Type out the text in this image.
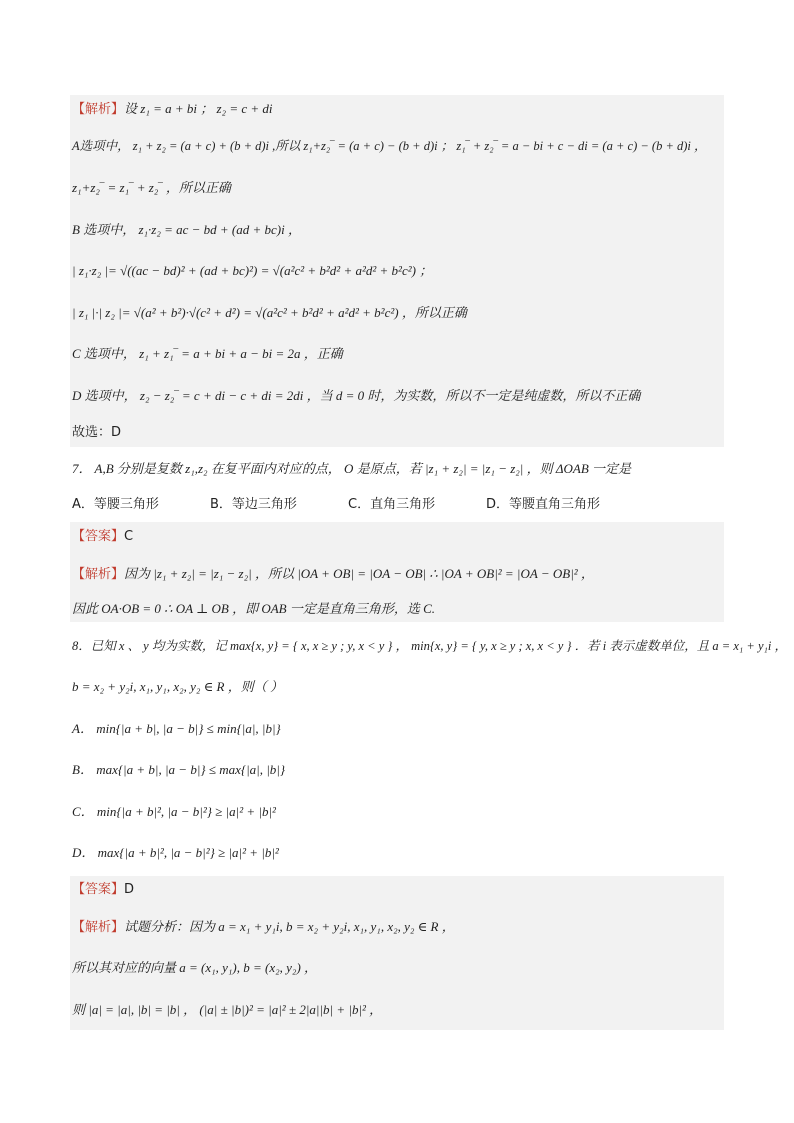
【解析】设 z₁ = a + bi ； z₂ = c + di
A选项中， z₁ + z₂ = (a + c) + (b + d)i ,所以 z₁+z₂‾ = (a + c) − (b + d)i ； z₁‾ + z₂‾ = a − bi + c − di = (a + c) − (b + d)i ，
z₁+z₂‾ = z₁‾ + z₂‾ ，所以正确
B 选项中， z₁·z₂ = ac − bd + (ad + bc)i ，
| z₁·z₂ |= √((ac − bd)² + (ad + bc)²) = √(a²c² + b²d² + a²d² + b²c²) ；
| z₁ |·| z₂ |= √(a² + b²)·√(c² + d²) = √(a²c² + b²d² + a²d² + b²c²) ，所以正确
C 选项中， z₁ + z₁‾ = a + bi + a − bi = 2a ，正确
D 选项中， z₂ − z₂‾ = c + di − c + di = 2di ，当 d = 0 时，为实数，所以不一定是纯虚数，所以不正确
故选：D
7． A,B 分别是复数 z₁,z₂ 在复平面内对应的点， O 是原点，若 |z₁ + z₂| = |z₁ − z₂| ，则 ΔOAB 一定是
A．等腰三角形	B．等边三角形	C．直角三角形	D．等腰直角三角形
【答案】C
【解析】因为 |z₁ + z₂| = |z₁ − z₂| ，所以 |OA + OB| = |OA − OB| ∴ |OA + OB|² = |OA − OB|² ，
因此 OA·OB = 0 ∴ OA ⊥ OB ，即 OAB 一定是直角三角形，选 C.
8．已知 x 、 y 均为实数，记 max{x, y} = { x, x ≥ y ; y, x < y } ， min{x, y} = { y, x ≥ y ; x, x < y } ．若 i 表示虚数单位，且 a = x₁ + y₁i ，
b = x₂ + y₂i, x₁, y₁, x₂, y₂ ∈ R ，则（ ）
A． min{|a + b|, |a − b|} ≤ min{|a|, |b|}
B． max{|a + b|, |a − b|} ≤ max{|a|, |b|}
C． min{|a + b|², |a − b|²} ≥ |a|² + |b|²
D． max{|a + b|², |a − b|²} ≥ |a|² + |b|²
【答案】D
【解析】试题分析：因为 a = x₁ + y₁i, b = x₂ + y₂i, x₁, y₁, x₂, y₂ ∈ R ，
所以其对应的向量 a = (x₁, y₁), b = (x₂, y₂) ，
则 |a| = |a|, |b| = |b| ， (|a| ± |b|)² = |a|² ± 2|a||b| + |b|² ，
